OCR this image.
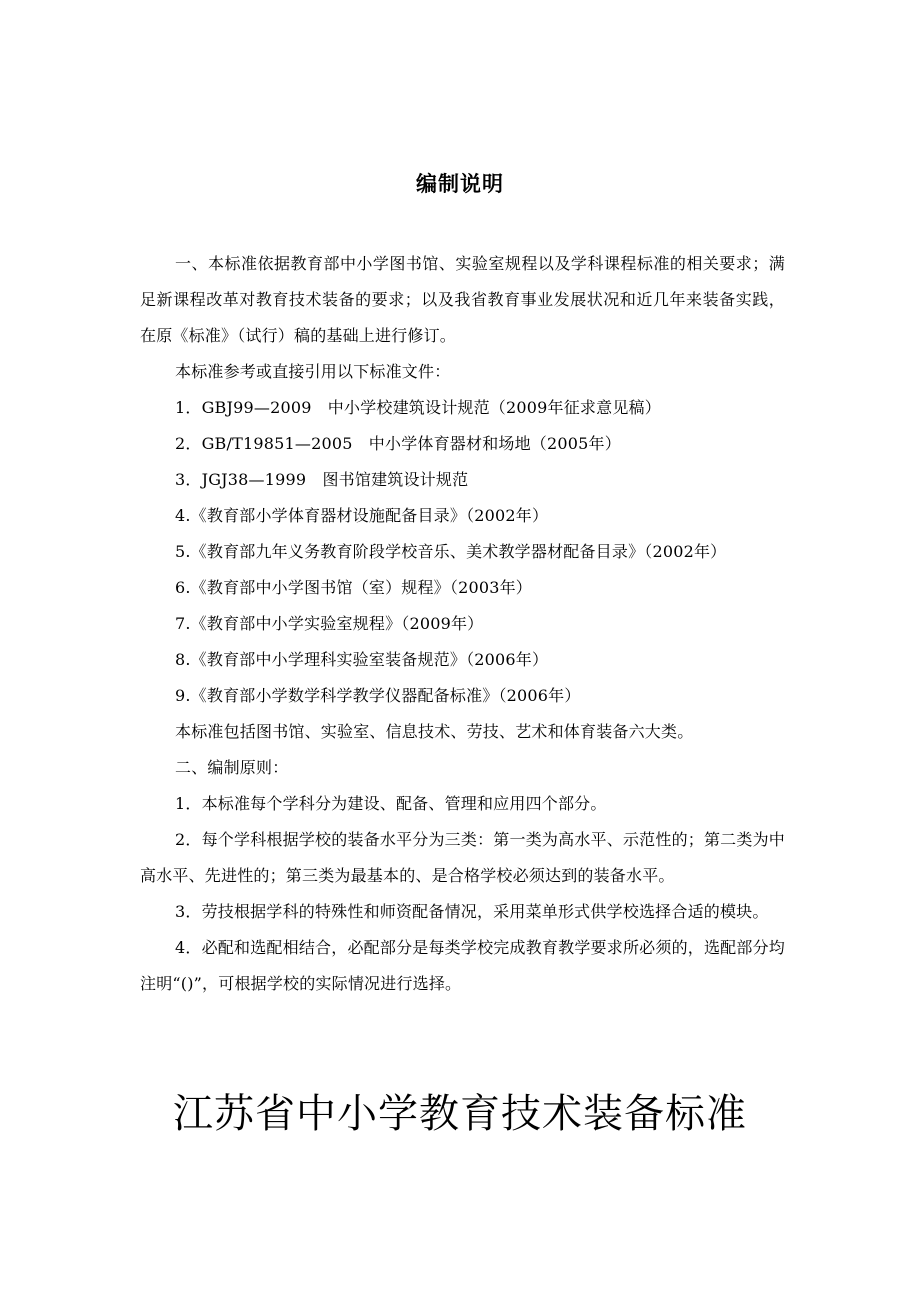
编制说明

一、本标准依据教育部中小学图书馆、实验室规程以及学科课程标准的相关要求；满足新课程改革对教育技术装备的要求；以及我省教育事业发展状况和近几年来装备实践，在原《标准》（试行）稿的基础上进行修订。

本标准参考或直接引用以下标准文件：

1．GBJ99—2009　中小学校建筑设计规范（2009年征求意见稿）

2．GB/T19851—2005　中小学体育器材和场地（2005年）

3．JGJ38—1999　图书馆建筑设计规范

4.《教育部小学体育器材设施配备目录》（2002年）

5.《教育部九年义务教育阶段学校音乐、美术教学器材配备目录》（2002年）

6.《教育部中小学图书馆（室）规程》（2003年）

7.《教育部中小学实验室规程》（2009年）

8.《教育部中小学理科实验室装备规范》（2006年）

9.《教育部小学数学科学教学仪器配备标准》（2006年）

本标准包括图书馆、实验室、信息技术、劳技、艺术和体育装备六大类。

二、编制原则：

1．本标准每个学科分为建设、配备、管理和应用四个部分。

2．每个学科根据学校的装备水平分为三类：第一类为高水平、示范性的；第二类为中高水平、先进性的；第三类为最基本的、是合格学校必须达到的装备水平。

3．劳技根据学科的特殊性和师资配备情况，采用菜单形式供学校选择合适的模块。

4．必配和选配相结合，必配部分是每类学校完成教育教学要求所必须的，选配部分均注明“()”，可根据学校的实际情况进行选择。

江苏省中小学教育技术装备标准
